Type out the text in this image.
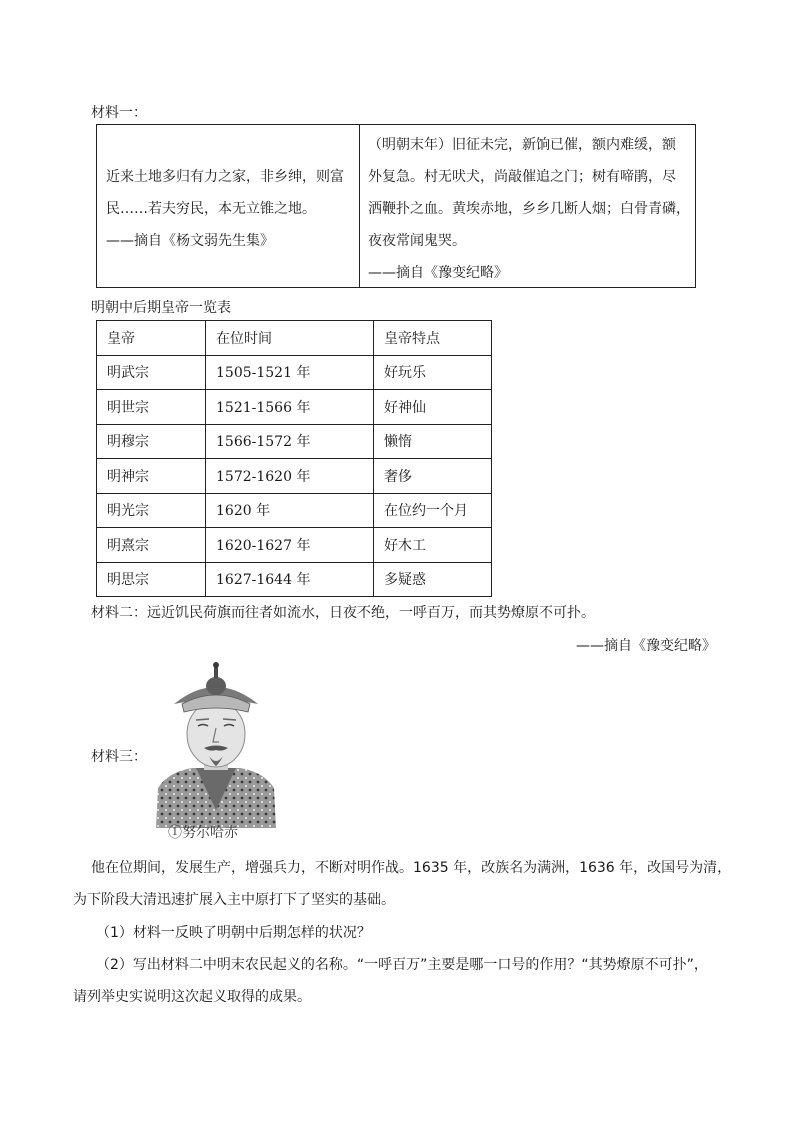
材料一：
近来土地多归有力之家，非乡绅，则富
民……若夫穷民，本无立锥之地。
——摘自《杨文弱先生集》
（明朝末年）旧征未完，新饷已催，额内难缓，额
外复急。村无吠犬，尚敲催追之门；树有啼鹃，尽
洒鞭扑之血。黄埃赤地，乡乡几断人烟；白骨青磷，
夜夜常闻鬼哭。
——摘自《豫变纪略》
明朝中后期皇帝一览表
皇帝	在位时间	皇帝特点
明武宗	1505-1521 年	好玩乐
明世宗	1521-1566 年	好神仙
明穆宗	1566-1572 年	懒惰
明神宗	1572-1620 年	奢侈
明光宗	1620 年	在位约一个月
明熹宗	1620-1627 年	好木工
明思宗	1627-1644 年	多疑惑
材料二：远近饥民荷旗而往者如流水，日夜不绝，一呼百万，而其势燎原不可扑。
——摘自《豫变纪略》
材料三：
①努尔哈赤
他在位期间，发展生产，增强兵力，不断对明作战。1635 年，改族名为满洲，1636 年，改国号为清，
为下阶段大清迅速扩展入主中原打下了坚实的基础。
（1）材料一反映了明朝中后期怎样的状况？
（2）写出材料二中明末农民起义的名称。“一呼百万”主要是哪一口号的作用？“其势燎原不可扑”，
请列举史实说明这次起义取得的成果。
